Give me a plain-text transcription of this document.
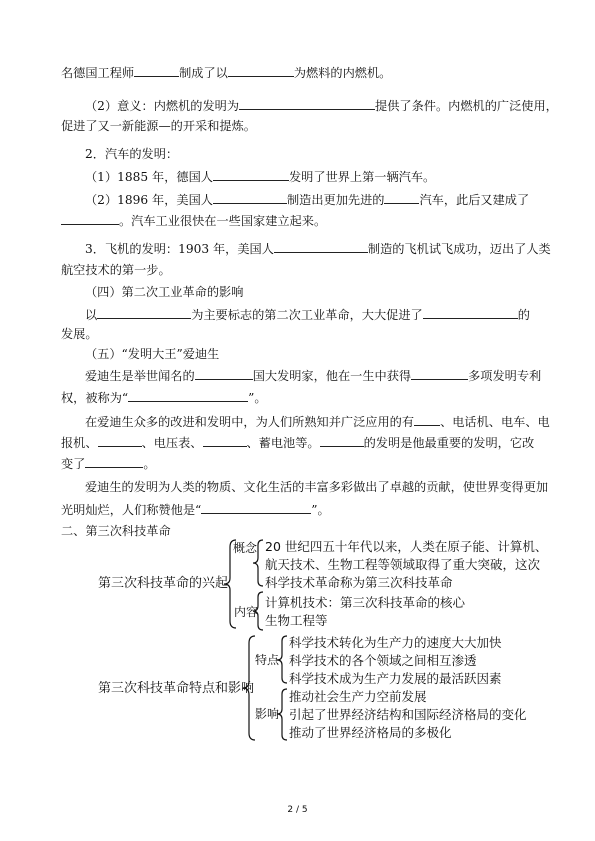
名德国工程师	制成了以	为燃料的内燃机。
（2）意义：内燃机的发明为	提供了条件。内燃机的广泛使用，
促进了又一新能源—的开采和提炼。
2．汽车的发明：
（1）1885 年，德国人	发明了世界上第一辆汽车。
（2）1896 年，美国人	制造出更加先进的	汽车，此后又建成了
。汽车工业很快在一些国家建立起来。
3．飞机的发明：1903 年，美国人	制造的飞机试飞成功，迈出了人类
航空技术的第一步。
（四）第二次工业革命的影响
以	为主要标志的第二次工业革命，大大促进了	的
发展。
（五）“发明大王”爱迪生
爱迪生是举世闻名的	国大发明家，他在一生中获得	多项发明专利
权，被称为“	”。
在爱迪生众多的改进和发明中，为人们所熟知并广泛应用的有 、电话机、电车、电
报机、	、电压表、	、蓄电池等。	的发明是他最重要的发明，它改
变了	。
爱迪生的发明为人类的物质、文化生活的丰富多彩做出了卓越的贡献，使世界变得更加
光明灿烂，人们称赞他是“	”。
二、第三次科技革命
第三次科技革命的兴起
概念 20 世纪四五十年代以来，人类在原子能、计算机、
航天技术、生物工程等领域取得了重大突破，这次
科学技术革命称为第三次科技革命
内容
计算机技术：第三次科技革命的核心
生物工程等
第三次科技革命特点和影响
特点
科学技术转化为生产力的速度大大加快
科学技术的各个领域之间相互渗透
科学技术成为生产力发展的最活跃因素
影响
推动社会生产力空前发展
引起了世界经济结构和国际经济格局的变化
推动了世界经济格局的多极化
2 / 5
